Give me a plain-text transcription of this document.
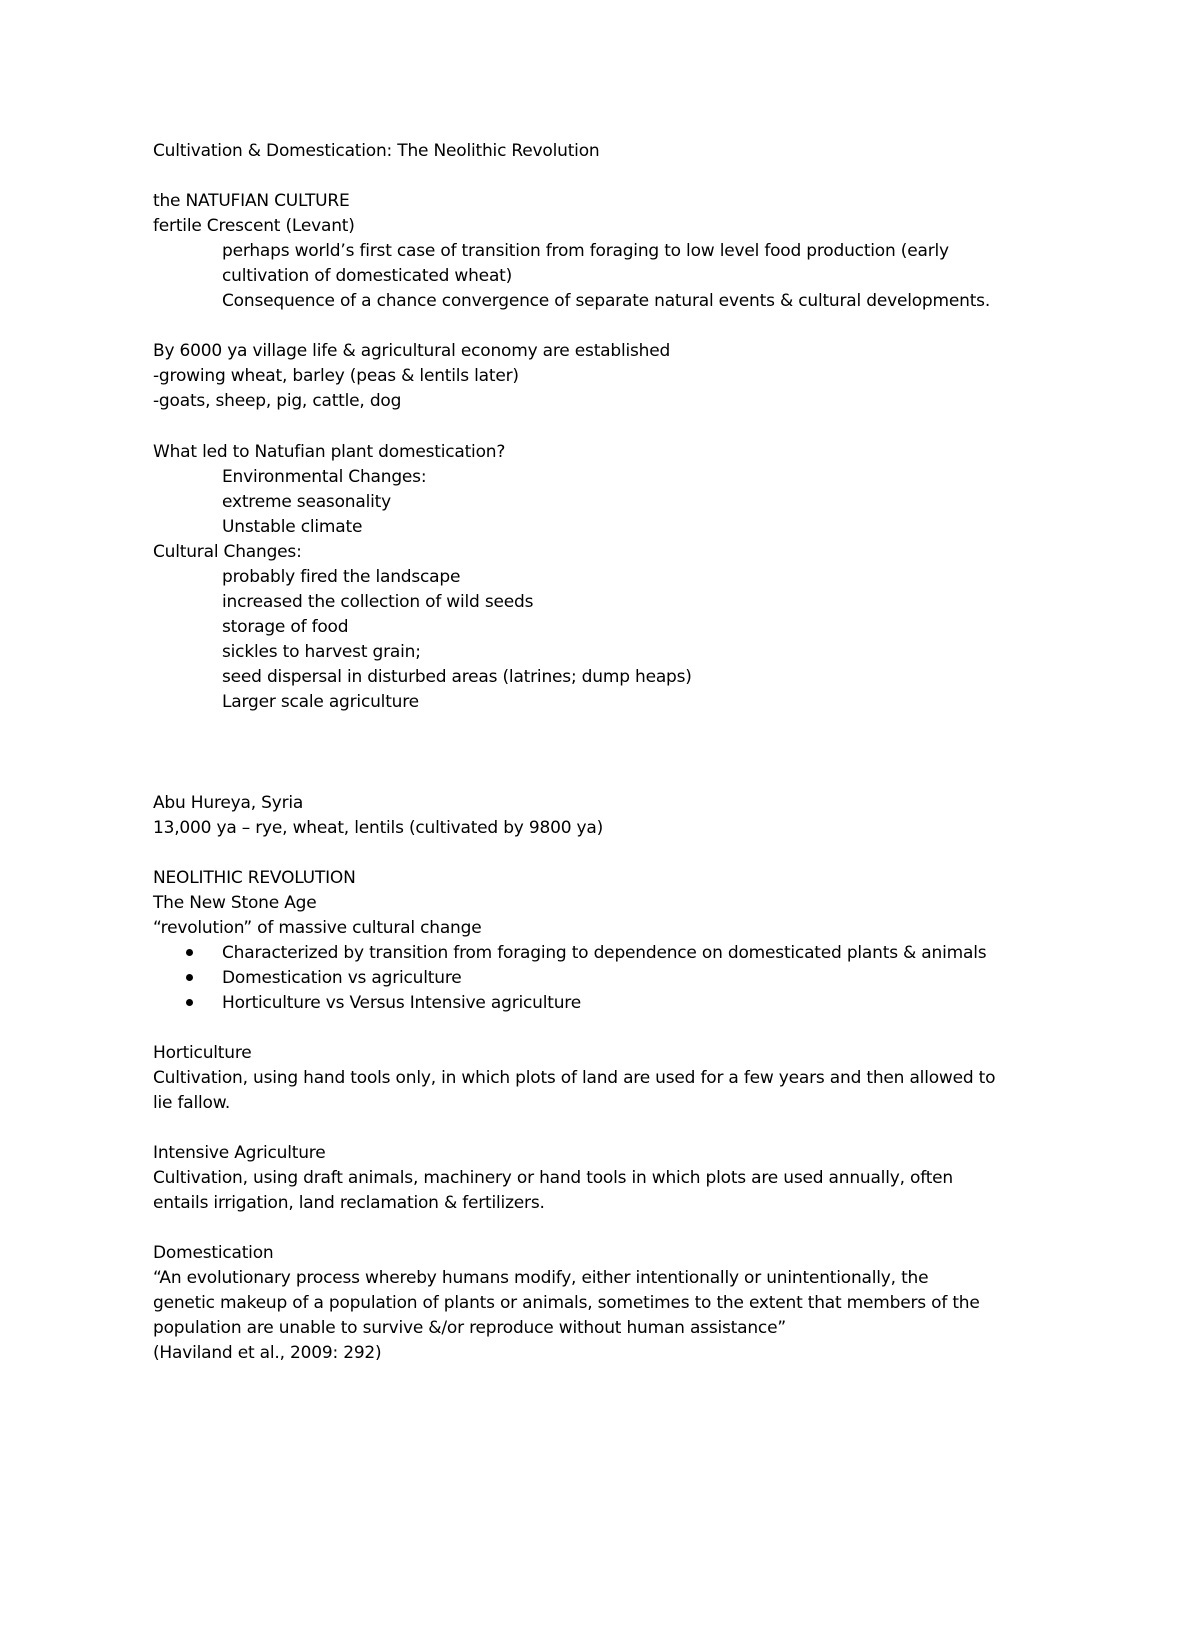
Cultivation & Domestication: The Neolithic Revolution
the NATUFIAN CULTURE
fertile Crescent (Levant)
perhaps world’s first case of transition from foraging to low level food production (early
cultivation of domesticated wheat)
Consequence of a chance convergence of separate natural events & cultural developments.
By 6000 ya village life & agricultural economy are established
-growing wheat, barley (peas & lentils later)
-goats, sheep, pig, cattle, dog
What led to Natufian plant domestication?
Environmental Changes:
extreme seasonality
Unstable climate
Cultural Changes:
probably fired the landscape
increased the collection of wild seeds
storage of food
sickles to harvest grain;
seed dispersal in disturbed areas (latrines; dump heaps)
Larger scale agriculture
Abu Hureya, Syria
13,000 ya – rye, wheat, lentils (cultivated by 9800 ya)
NEOLITHIC REVOLUTION
The New Stone Age
“revolution” of massive cultural change
Characterized by transition from foraging to dependence on domesticated plants & animals
Domestication vs agriculture
Horticulture vs Versus Intensive agriculture
Horticulture
Cultivation, using hand tools only, in which plots of land are used for a few years and then allowed to
lie fallow.
Intensive Agriculture
Cultivation, using draft animals, machinery or hand tools in which plots are used annually, often
entails irrigation, land reclamation & fertilizers.
Domestication
“An evolutionary process whereby humans modify, either intentionally or unintentionally, the
genetic makeup of a population of plants or animals, sometimes to the extent that members of the
population are unable to survive &/or reproduce without human assistance”
(Haviland et al., 2009: 292)
